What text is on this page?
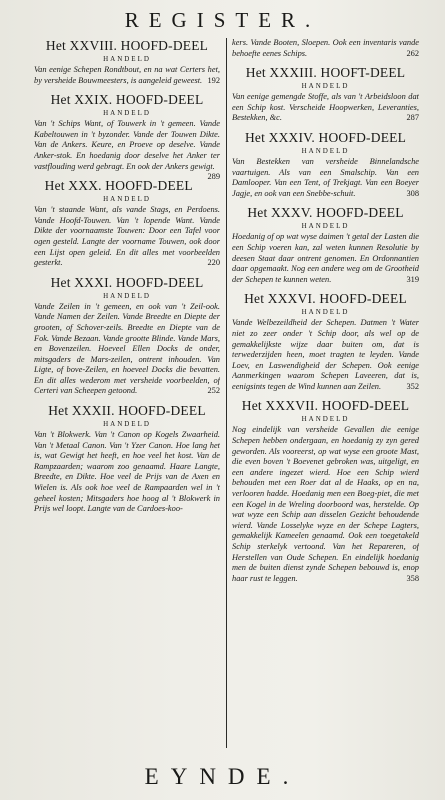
REGISTER.
Het XXVIII. HOOFD-DEEL
HANDELD
Van eenige Schepen Rondtbout, en na wat Certers het, by versheide Bouwmeesters, is aangeleid geweest. 192
Het XXIX. HOOFD-DEEL
HANDELD
Van 't Schips Want, of Touwerk in 't gemeen. Vande Kabeltouwen in 't byzonder. Vande der Touwen Dikte. Van de Ankers. Keure, en Proeve op deselve. Vande Anker-stok. En hoedanig door deselve het Anker ter vastflouding werd gebragt. En ook der Ankers gewigt.
289
Het XXX. HOOFD-DEEL
HANDELD
Van 't staande Want, als vande Stags, en Perdoens. Vande Hoofd-Touwen. Van 't lopende Want. Vande Dikte der voornaamste Touwen: Door een Tafel voor ogen gesteld. Langte der voorname Touwen, ook door een Lijst open geleid. En dit alles met voorbeelden gesterkt.	220
Het XXXI. HOOFD-DEEL
HANDELD
Vande Zeilen in 't gemeen, en ook van 't Zeil-ook. Vande Namen der Zeilen. Vande Breedte en Diepte der grooten, of Schover-zeils. Breedte en Diepte van de Fok. Vande Bezaan. Vande grootte Blinde. Vande Mars, en Bovenzeilen. Hoeveel Ellen Docks de onder, mitsgaders de Mars-zeilen, ontrent inhouden. Van Ligte, of bove-Zeilen, en hoeveel Docks die bevatten. En dit alles wederom met versheide voorbeelden, of Certeri van Scheepen getoond.	252
Het XXXII. HOOFD-DEEL
HANDELD
Van 't Blokwerk. Van 't Canon op Kogels Zwaarheid. Van 't Metaal Canon. Van 't Yzer Canon. Hoe lang het is, wat Gewigt het heeft, en hoe veel het kost. Van de Rampzaarden; waarom zoo genaamd. Haare Langte, Breedte, en Dikte. Hoe veel de Prijs van de Axen en Wielen is. Als ook hoe veel de Rampaarden wel in 't geheel kosten; Mitsgaders hoe hoog al 't Blokwerk in Prijs wel loopt. Langte van de Cardoes-koo-
kers. Vande Booten, Sloepen. Ook een inventaris vande behoefte eenes Schips.	262
Het XXXIII. HOOFT-DEEL
HANDELD
Van eenige gemengde Stoffe, als van 't Arbeidsloon dat een Schip kost. Verscheide Hoopwerken, Leveranties, Bestekken, &c.	287
Het XXXIV. HOOFD-DEEL
HANDELD
Van Bestekken van versheide Binnelandsche vaartuigen. Als van een Smalschip. Van een Damlooper. Van een Tent, of Trekjagt. Van een Boeyer Jagje, en ook van een Snebbe-schuit.	308
Het XXXV. HOOFD-DEEL
HANDELD
Hoedanig of op wat wyse daimen 't getal der Lasten die een Schip voeren kan, zal weten kunnen Resolutie by deesen Staat daar ontrent genomen. En Ordonnantien daar opgemaakt. Nog een andere weg om de Grootheid der Schepen te kunnen weten.	319
Het XXXVI. HOOFD-DEEL
HANDELD
Vande Welbezeildheid der Schepen. Datmen 't Water niet zo zeer onder 't Schip door, als wel op de gemakkelijkste wijze daar buiten om, dat is terwederzijden heen, moet tragten te leyden. Vande Loev, en Laswendigheid der Schepen. Ook eenige Aanmerkingen waarom Schepen Laveeren, dat is, eenigsints tegen de Wind kunnen aan Zeilen.	352
Het XXXVII. HOOFD-DEEL
HANDELD
Nog eindelijk van versheide Gevallen die eenige Schepen hebben ondergaan, en hoedanig zy zyn gered geworden. Als vooreerst, op wat wyse een groote Mast, die even boven 't Boevenet gebroken was, uitgeligt, en een andere ingezet wierd. Hoe een Schip wierd behouden met een Roer dat al de Haaks, op en na, verlooren hadde. Hoedanig men een Boeg-piet, die met een Kogel in de Wreling doorboord was, herstelde. Op wat wyze een Schip aan disselen Gezicht behoudende wierd. Vande Losselyke wyze en der Schepe Lagters, gemakkelijk Kameelen genaamd. Ook een toegetakeld Schip sterkelyk vertoond. Van het Repareren, of Herstellen van Oude Schepen. En eindelijk hoedanig men de buiten dienst zynde Schepen bebouwd is, enop haar rust te leggen.	358
EYNDE.
